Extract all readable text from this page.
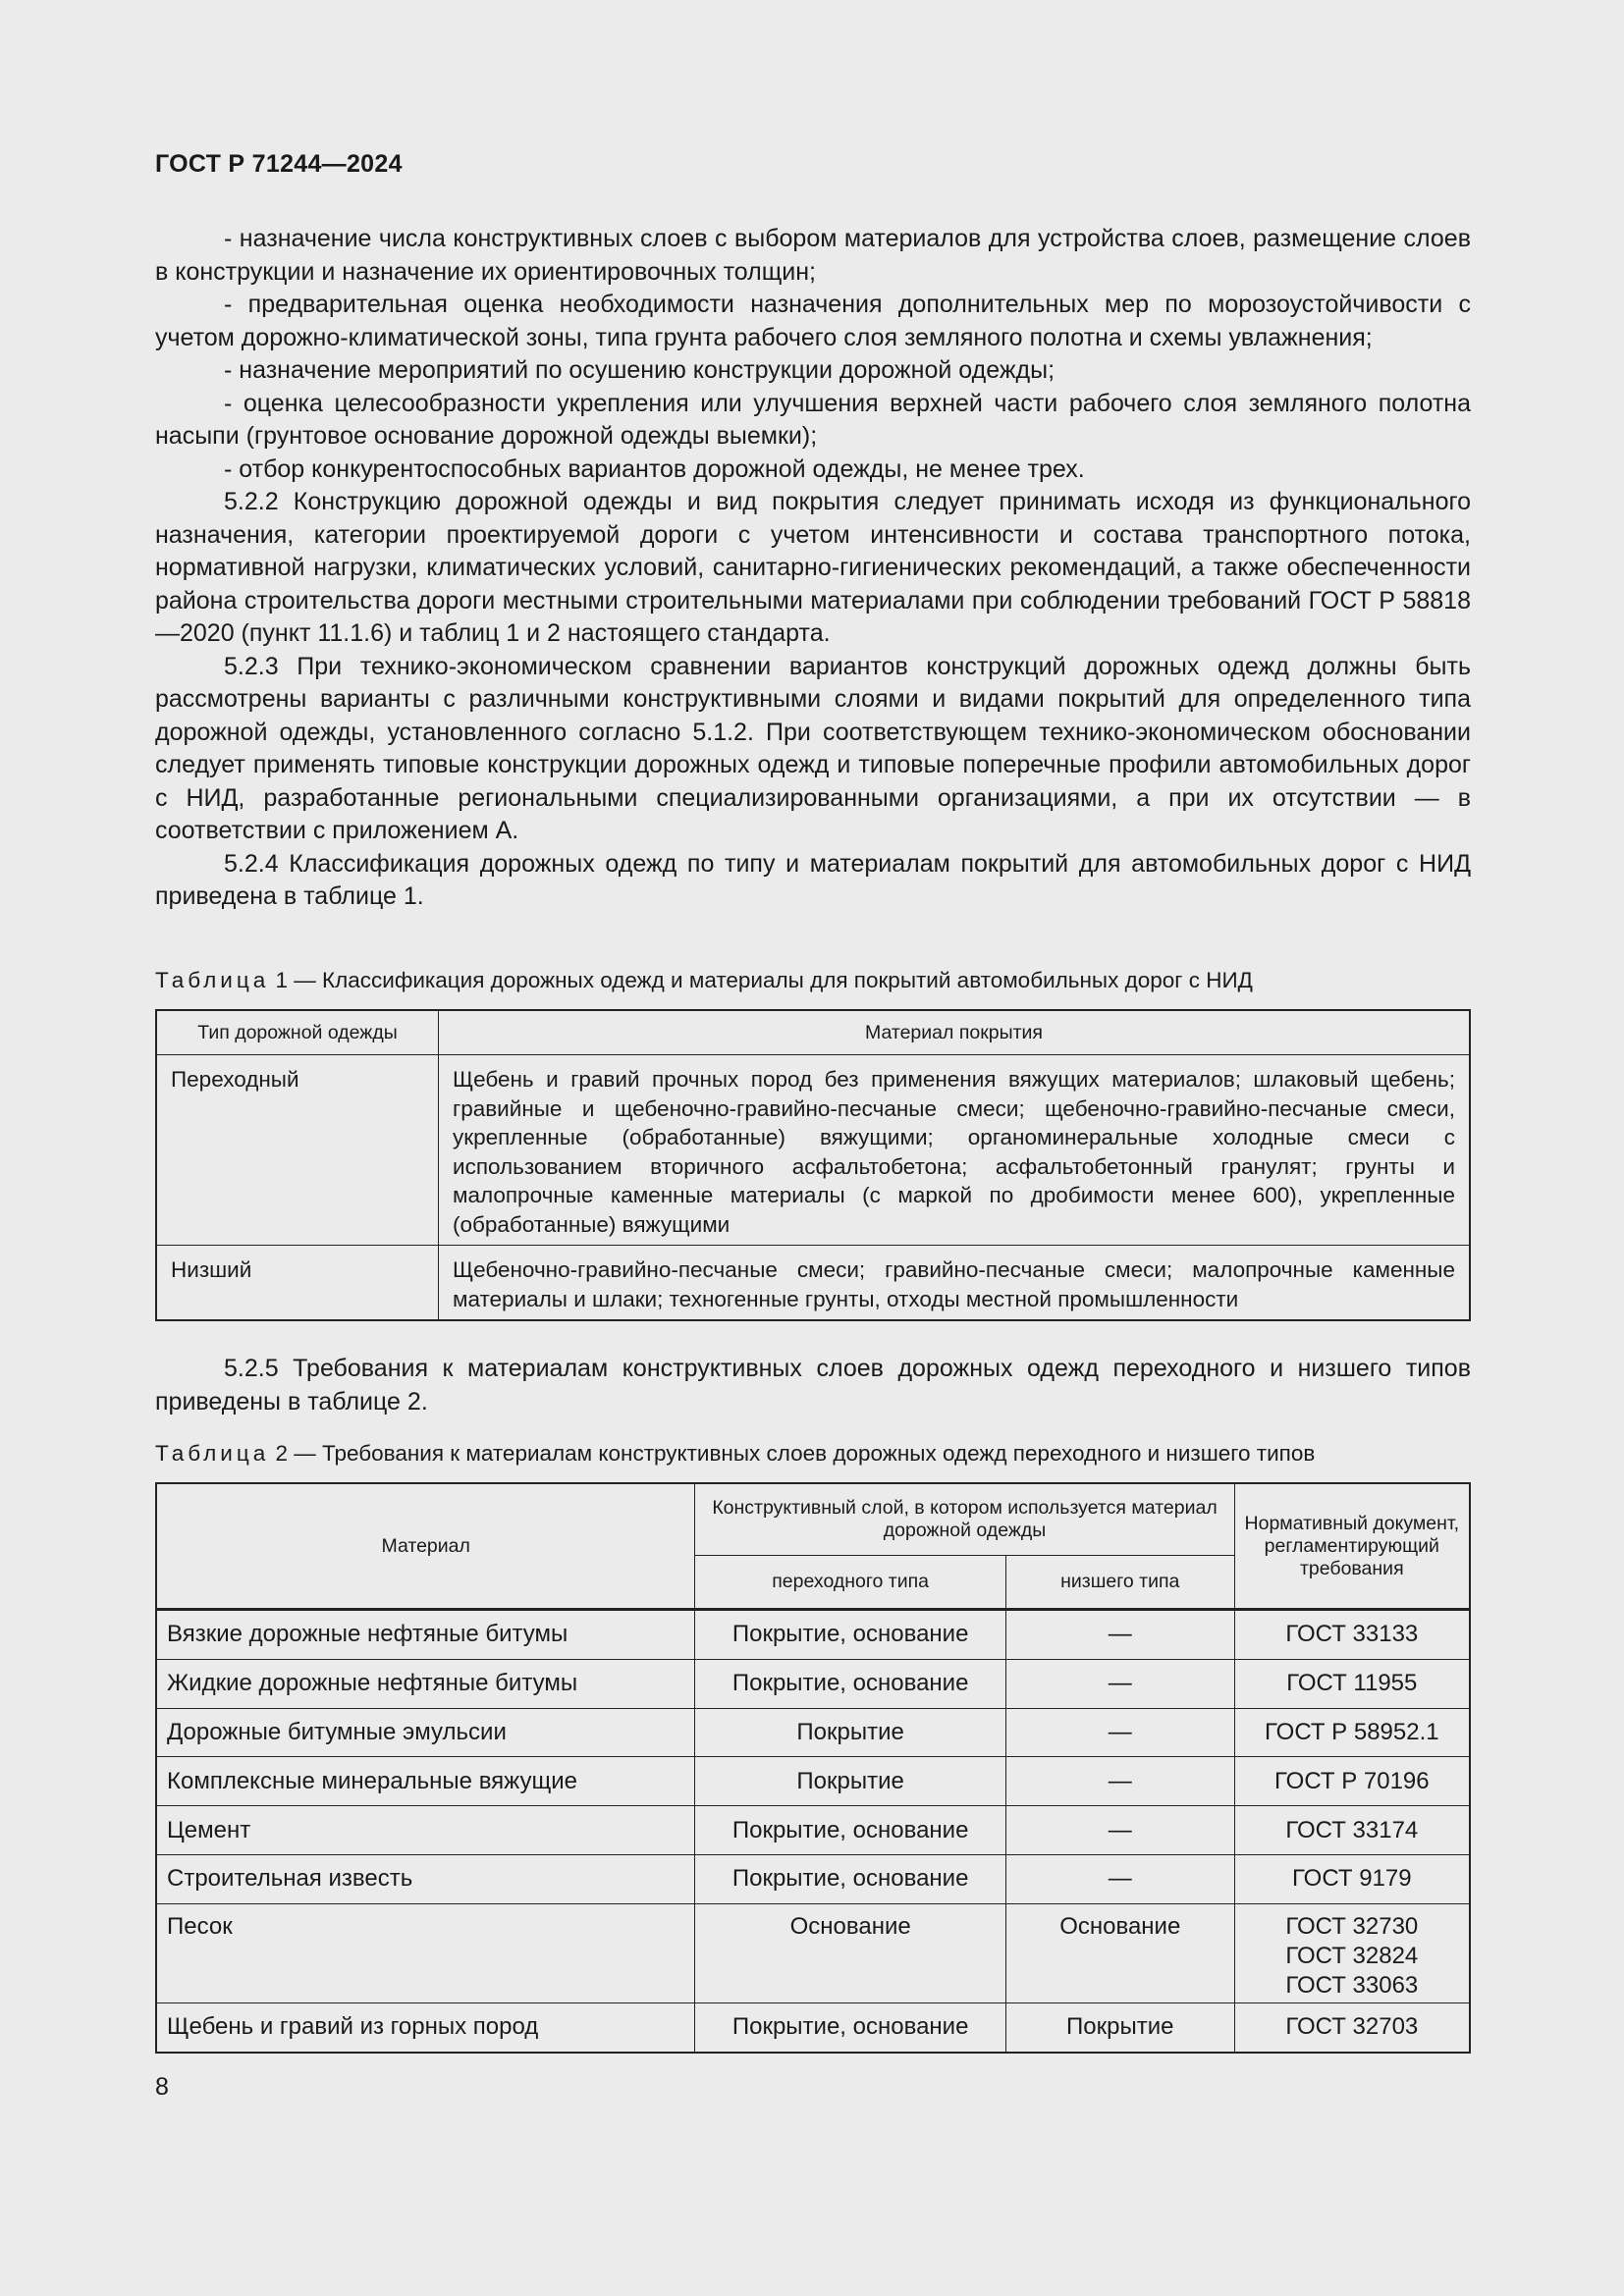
ГОСТ Р 71244—2024

- назначение числа конструктивных слоев с выбором материалов для устройства слоев, размещение слоев в конструкции и назначение их ориентировочных толщин;

- предварительная оценка необходимости назначения дополнительных мер по морозоустойчивости с учетом дорожно-климатической зоны, типа грунта рабочего слоя земляного полотна и схемы увлажнения;

- назначение мероприятий по осушению конструкции дорожной одежды;

- оценка целесообразности укрепления или улучшения верхней части рабочего слоя земляного полотна насыпи (грунтовое основание дорожной одежды выемки);

- отбор конкурентоспособных вариантов дорожной одежды, не менее трех.

5.2.2 Конструкцию дорожной одежды и вид покрытия следует принимать исходя из функционального назначения, категории проектируемой дороги с учетом интенсивности и состава транспортного потока, нормативной нагрузки, климатических условий, санитарно-гигиенических рекомендаций, а также обеспеченности района строительства дороги местными строительными материалами при соблюдении требований ГОСТ Р 58818—2020 (пункт 11.1.6) и таблиц 1 и 2 настоящего стандарта.

5.2.3 При технико-экономическом сравнении вариантов конструкций дорожных одежд должны быть рассмотрены варианты с различными конструктивными слоями и видами покрытий для определенного типа дорожной одежды, установленного согласно 5.1.2. При соответствующем технико-экономическом обосновании следует применять типовые конструкции дорожных одежд и типовые поперечные профили автомобильных дорог с НИД, разработанные региональными специализированными организациями, а при их отсутствии — в соответствии с приложением А.

5.2.4 Классификация дорожных одежд по типу и материалам покрытий для автомобильных дорог с НИД приведена в таблице 1.

Таблица 1 — Классификация дорожных одежд и материалы для покрытий автомобильных дорог с НИД
Тип дорожной одежды	Материал покрытия
Переходный	Щебень и гравий прочных пород без применения вяжущих материалов; шлаковый щебень; гравийные и щебеночно-гравийно-песчаные смеси; щебеночно-гравийно-песчаные смеси, укрепленные (обработанные) вяжущими; органоминеральные холодные смеси с использованием вторичного асфальтобетона; асфальтобетонный гранулят; грунты и малопрочные каменные материалы (с маркой по дробимости менее 600), укрепленные (обработанные) вяжущими
Низший	Щебеночно-гравийно-песчаные смеси; гравийно-песчаные смеси; малопрочные каменные материалы и шлаки; техногенные грунты, отходы местной промышленности

5.2.5 Требования к материалам конструктивных слоев дорожных одежд переходного и низшего типов приведены в таблице 2.

Таблица 2 — Требования к материалам конструктивных слоев дорожных одежд переходного и низшего типов
Материал	Конструктивный слой, в котором используется материал дорожной одежды		Нормативный документ, регламентирующий требования
	переходного типа	низшего типа	
Вязкие дорожные нефтяные битумы	Покрытие, основание	—	ГОСТ 33133
Жидкие дорожные нефтяные битумы	Покрытие, основание	—	ГОСТ 11955
Дорожные битумные эмульсии	Покрытие	—	ГОСТ Р 58952.1
Комплексные минеральные вяжущие	Покрытие	—	ГОСТ Р 70196
Цемент	Покрытие, основание	—	ГОСТ 33174
Строительная известь	Покрытие, основание	—	ГОСТ 9179
Песок	Основание	Основание	ГОСТ 32730
ГОСТ 32824
ГОСТ 33063
Щебень и гравий из горных пород	Покрытие, основание	Покрытие	ГОСТ 32703
8
